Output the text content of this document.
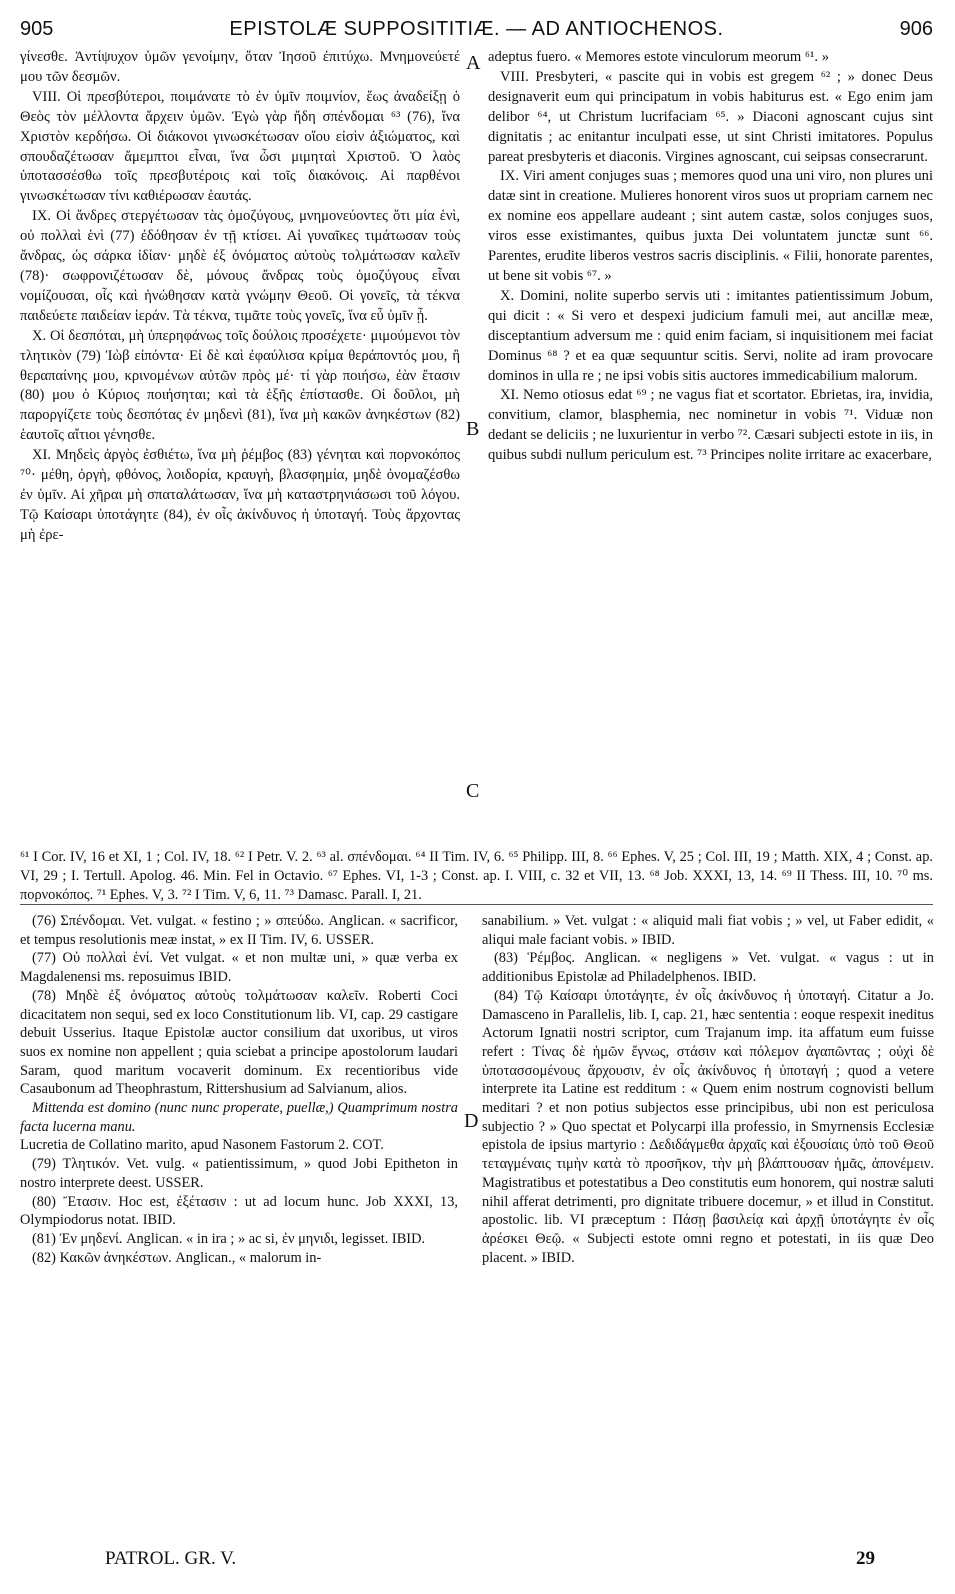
905	EPISTOLÆ SUPPOSITITIÆ. — AD ANTIOCHENOS.	906

γίνεσθε. Ἀντίψυχον ὑμῶν γενοίμην, ὅταν Ἰησοῦ ἐπιτύχω. Μνημονεύετέ μου τῶν δεσμῶν.

VIII. Οἱ πρεσβύτεροι, ποιμάνατε τὸ ἐν ὑμῖν ποιμνίον, ἕως ἀναδείξῃ ὁ Θεὸς τὸν μέλλοντα ἄρχειν ὑμῶν. Ἐγὼ γὰρ ἤδη σπένδομαι ⁶³ (76), ἵνα Χριστὸν κερδήσω. Οἱ διάκονοι γινωσκέτωσαν οἵου εἰσὶν ἀξιώματος, καὶ σπουδαζέτωσαν ἄμεμπτοι εἶναι, ἵνα ὦσι μιμηταὶ Χριστοῦ. Ὁ λαὸς ὑποτασσέσθω τοῖς πρεσβυτέροις καὶ τοῖς διακόνοις. Αἱ παρθένοι γινωσκέτωσαν τίνι καθιέρωσαν ἑαυτάς.

IX. Οἱ ἄνδρες στεργέτωσαν τὰς ὁμοζύγους, μνημονεύοντες ὅτι μία ἑνὶ, οὐ πολλαὶ ἑνὶ (77) ἐδόθησαν ἐν τῇ κτίσει. Αἱ γυναῖκες τιμάτωσαν τοὺς ἄνδρας, ὡς σάρκα ἰδίαν· μηδὲ ἐξ ὀνόματος αὐτοὺς τολμάτωσαν καλεῖν (78)· σωφρονιζέτωσαν δὲ, μόνους ἄνδρας τοὺς ὁμοζύγους εἶναι νομίζουσαι, οἷς καὶ ἡνώθησαν κατὰ γνώμην Θεοῦ. Οἱ γονεῖς, τὰ τέκνα παιδεύετε παιδείαν ἱεράν. Τὰ τέκνα, τιμᾶτε τοὺς γονεῖς, ἵνα εὖ ὑμῖν ᾖ.

X. Οἱ δεσπόται, μὴ ὑπερηφάνως τοῖς δούλοις προσέχετε· μιμούμενοι τὸν τλητικὸν (79) Ἰὼβ εἰπόντα· Εἰ δὲ καὶ ἐφαύλισα κρίμα θεράποντός μου, ἢ θεραπαίνης μου, κρινομένων αὐτῶν πρὸς μέ· τί γὰρ ποιήσω, ἐὰν ἔτασιν (80) μου ὁ Κύριος ποιήσηται; καὶ τὰ ἑξῆς ἐπίστασθε. Οἱ δοῦλοι, μὴ παροργίζετε τοὺς δεσπότας ἐν μηδενὶ (81), ἵνα μὴ κακῶν ἀνηκέστων (82) ἑαυτοῖς αἴτιοι γένησθε.

XI. Μηδεὶς ἀργὸς ἐσθιέτω, ἵνα μὴ ῥέμβος (83) γένηται καὶ πορνοκόπος ⁷⁰· μέθη, ὀργὴ, φθόνος, λοιδορία, κραυγὴ, βλασφημία, μηδὲ ὀνομαζέσθω ἐν ὑμῖν. Αἱ χῆραι μὴ σπαταλάτωσαν, ἵνα μὴ καταστρηνιάσωσι τοῦ λόγου. Τῷ Καίσαρι ὑποτάγητε (84), ἐν οἷς ἀκίνδυνος ἡ ὑποταγή. Τοὺς ἄρχοντας μὴ ἐρε-

A
B
C
D

adeptus fuero. « Memores estote vinculorum meorum ⁶¹. »

VIII. Presbyteri, « pascite qui in vobis est gregem ⁶² ; » donec Deus designaverit eum qui principatum in vobis habiturus est. « Ego enim jam delibor ⁶⁴, ut Christum lucrifaciam ⁶⁵. » Diaconi agnoscant cujus sint dignitatis ; ac enitantur inculpati esse, ut sint Christi imitatores. Populus pareat presbyteris et diaconis. Virgines agnoscant, cui seipsas consecrarunt.

IX. Viri ament conjuges suas ; memores quod una uni viro, non plures uni datæ sint in creatione. Mulieres honorent viros suos ut propriam carnem nec ex nomine eos appellare audeant ; sint autem castæ, solos conjuges suos, viros esse existimantes, quibus juxta Dei voluntatem junctæ sunt ⁶⁶. Parentes, erudite liberos vestros sacris disciplinis. « Filii, honorate parentes, ut bene sit vobis ⁶⁷. »

X. Domini, nolite superbo servis uti : imitantes patientissimum Jobum, qui dicit : « Si vero et despexi judicium famuli mei, aut ancillæ meæ, disceptantium adversum me : quid enim faciam, si inquisitionem mei faciat Dominus ⁶⁸ ? et ea quæ sequuntur scitis. Servi, nolite ad iram provocare dominos in ulla re ; ne ipsi vobis sitis auctores immedicabilium malorum.

XI. Nemo otiosus edat ⁶⁹ ; ne vagus fiat et scortator. Ebrietas, ira, invidia, convitium, clamor, blasphemia, nec nominetur in vobis ⁷¹. Viduæ non dedant se deliciis ; ne luxurientur in verbo ⁷². Cæsari subjecti estote in iis, in quibus subdi nullum periculum est. ⁷³ Principes nolite irritare ac exacerbare,

⁶¹ I Cor. IV, 16 et XI, 1 ; Col. IV, 18. ⁶² I Petr. V. 2. ⁶³ al. σπένδομαι. ⁶⁴ II Tim. IV, 6. ⁶⁵ Philipp. III, 8. ⁶⁶ Ephes. V, 25 ; Col. III, 19 ; Matth. XIX, 4 ; Const. ap. VI, 29 ; I. Tertull. Apolog. 46. Min. Fel in Octavio. ⁶⁷ Ephes. VI, 1-3 ; Const. ap. I. VIII, c. 32 et VII, 13. ⁶⁸ Job. XXXI, 13, 14. ⁶⁹ II Thess. III, 10. ⁷⁰ ms. πορνοκόπος. ⁷¹ Ephes. V, 3. ⁷² I Tim. V, 6, 11. ⁷³ Damasc. Parall. I, 21.

(76) Σπένδομαι. Vet. vulgat. « festino ; » σπεύδω. Anglican. « sacrificor, et tempus resolutionis meæ instat, » ex II Tim. IV, 6. USSER.

(77) Οὐ πολλαὶ ἑνί. Vet vulgat. « et non multæ uni, » quæ verba ex Magdalenensi ms. reposuimus IBID.

(78) Μηδὲ ἐξ ὀνόματος αὐτοὺς τολμάτωσαν καλεῖν. Roberti Coci dicacitatem non sequi, sed ex loco Constitutionum lib. VI, cap. 29 castigare debuit Usserius. Itaque Epistolæ auctor consilium dat uxoribus, ut viros suos ex nomine non appellent ; quia sciebat a principe apostolorum laudari Saram, quod maritum vocaverit dominum. Ex recentioribus vide Casaubonum ad Theophrastum, Rittershusium ad Salvianum, alios.

Mittenda est domino (nunc nunc properate, puellæ,) Quamprimum nostra facta lucerna manu.

Lucretia de Collatino marito, apud Nasonem Fastorum 2. COT.

(79) Τλητικόν. Vet. vulg. « patientissimum, » quod Jobi Epitheton in nostro interprete deest. USSER.

(80) Ἔτασιν. Hoc est, ἐξέτασιν : ut ad locum hunc. Job XXXI, 13, Olympiodorus notat. IBID.

(81) Ἐν μηδενί. Anglican. « in ira ; » ac si, ἐν μηνιδι, legisset. IBID.

(82) Κακῶν ἀνηκέστων. Anglican., « malorum in-

sanabilium. » Vet. vulgat : « aliquid mali fiat vobis ; » vel, ut Faber edidit, « aliqui male faciant vobis. » IBID.

(83) Ῥέμβος. Anglican. « negligens » Vet. vulgat. « vagus : ut in additionibus Epistolæ ad Philadelphenos. IBID.

(84) Τῷ Καίσαρι ὑποτάγητε, ἐν οἷς ἀκίνδυνος ἡ ὑποταγή. Citatur a Jo. Damasceno in Parallelis, lib. I, cap. 21, hæc sententia : eoque respexit ineditus Actorum Ignatii nostri scriptor, cum Trajanum imp. ita affatum eum fuisse refert : Τίνας δὲ ἡμῶν ἔγνως, στάσιν καὶ πόλεμον ἀγαπῶντας ; οὐχὶ δὲ ὑποτασσομένους ἄρχουσιν, ἐν οἷς ἀκίνδυνος ἡ ὑποταγή ; quod a vetere interprete ita Latine est redditum : « Quem enim nostrum cognovisti bellum meditari ? et non potius subjectos esse principibus, ubi non est periculosa subjectio ? » Quo spectat et Polycarpi illa professio, in Smyrnensis Ecclesiæ epistola de ipsius martyrio : Δεδιδάγμεθα ἀρχαῖς καὶ ἐξουσίαις ὑπὸ τοῦ Θεοῦ τεταγμέναις τιμὴν κατὰ τὸ προσῆκον, τὴν μὴ βλάπτουσαν ἡμᾶς, ἀπονέμειν. Magistratibus et potestatibus a Deo constitutis eum honorem, qui nostræ saluti nihil afferat detrimenti, pro dignitate tribuere docemur, » et illud in Constitut. apostolic. lib. VI præceptum : Πάσῃ βασιλείᾳ καὶ ἀρχῇ ὑποτάγητε ἐν οἷς ἀρέσκει Θεῷ. « Subjecti estote omni regno et potestati, in iis quæ Deo placent. » IBID.

PATROL. GR. V.	29
